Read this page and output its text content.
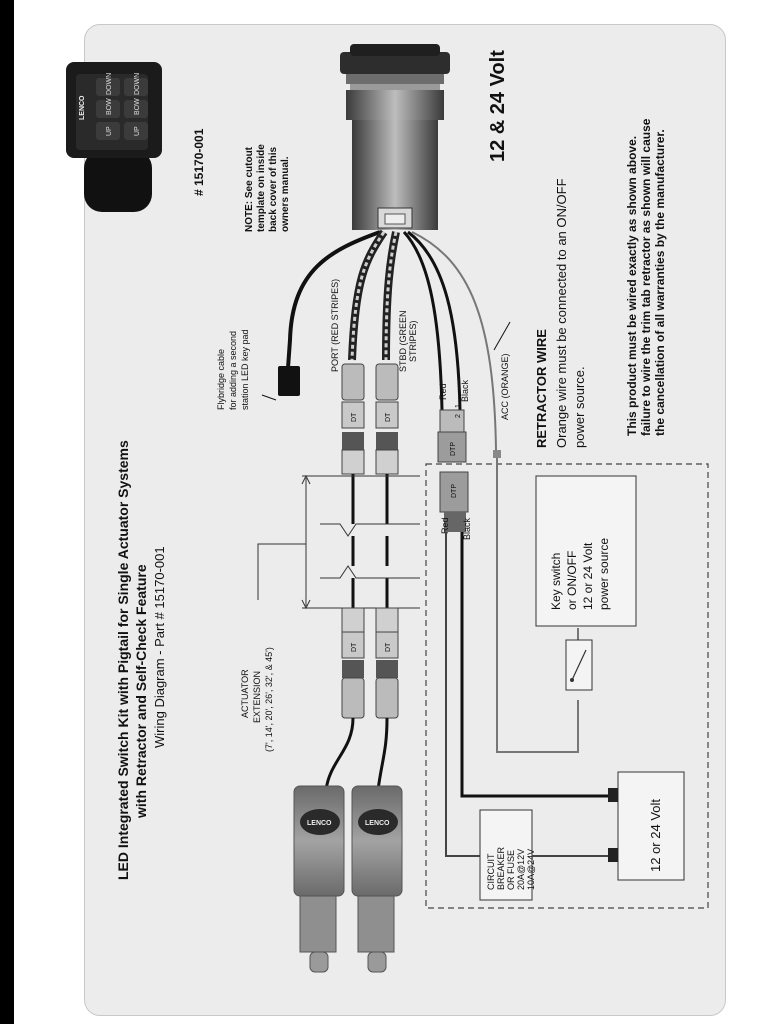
LED Integrated Switch Kit with Pigtail for Single Actuator Systems with Retractor and Self-Check Feature Wiring Diagram - Part # 15170-001
DOWN
BOW
DOWN
BOW
UP	UP
LENCO
# 15170-001	NOTE: See cutout template on inside back cover of this owners manual.
12 & 24 Volt
Flybridge cable for adding a second station LED key pad	PORT (RED STRIPES)	STBD (GREEN STRIPES)
Red Black	ACC (ORANGE)
DT	DT
DTP
1
2
ACTUATOR EXTENSION (7', 14', 20', 26', 32', & 45')	DT	DT
LENCO	LENCO
RETRACTOR WIRE Orange wire must be connected to an ON/OFF power source.	This product must be wired exactly as shown above. failure to wire the trim tab retractor as shown will cause the cancellation of all warranties by the manufacturer.
DTP
Red Black
Key switch or ON/OFF 12 or 24 Volt power source
CIRCUIT BREAKER OR FUSE 20A@12V 10A@24V	12 or 24 Volt
